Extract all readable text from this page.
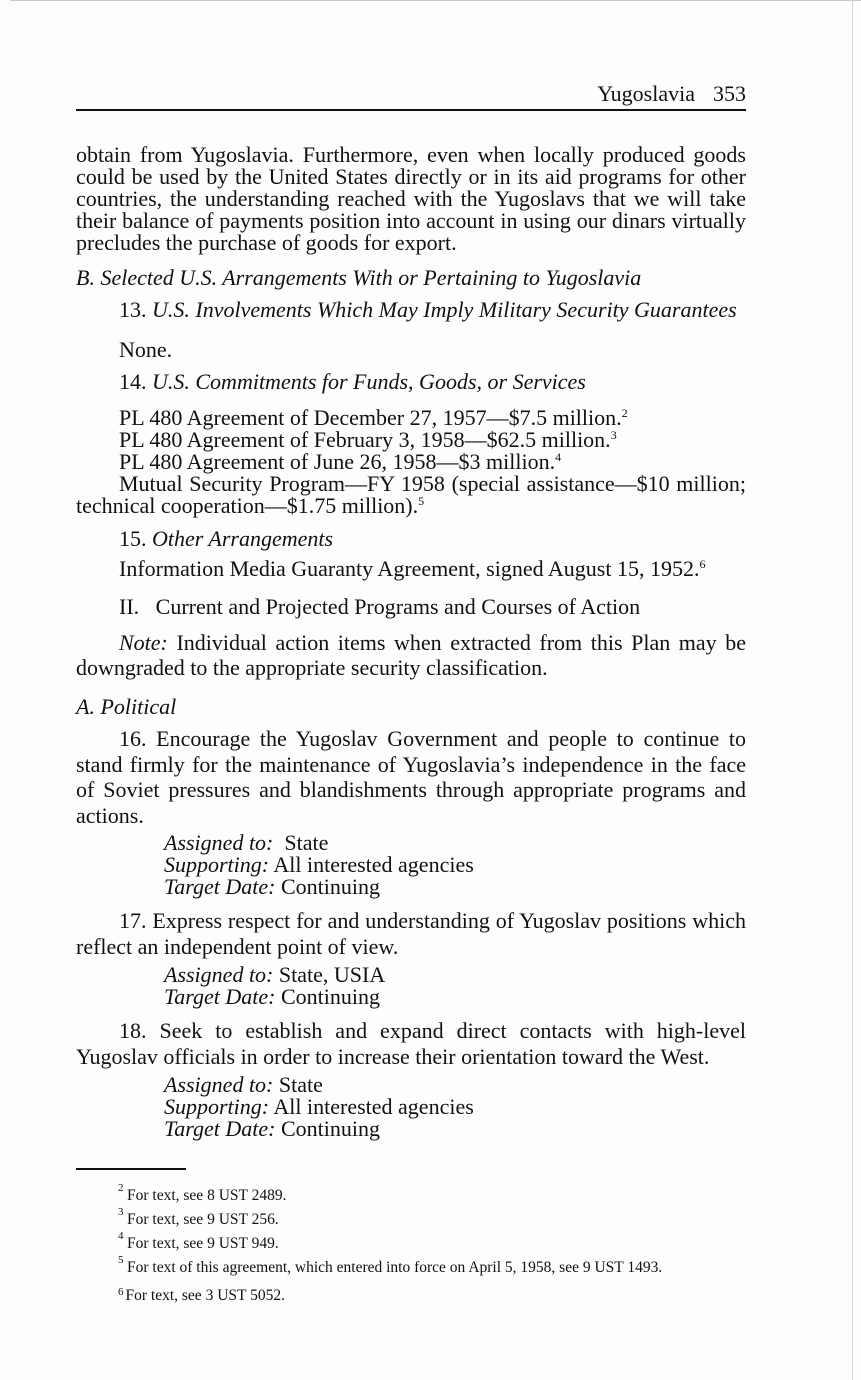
Yugoslavia 353

obtain from Yugoslavia. Furthermore, even when locally produced goods could be used by the United States directly or in its aid programs for other countries, the understanding reached with the Yugoslavs that we will take their balance of payments position into account in using our dinars virtually precludes the purchase of goods for export.

B. Selected U.S. Arrangements With or Pertaining to Yugoslavia

13. U.S. Involvements Which May Imply Military Security Guarantees

None.

14. U.S. Commitments for Funds, Goods, or Services

PL 480 Agreement of December 27, 1957—$7.5 million.$^2$

PL 480 Agreement of February 3, 1958—$62.5 million.$^3$

PL 480 Agreement of June 26, 1958—$3 million.$^4$

Mutual Security Program—FY 1958 (special assistance—$10 million; technical cooperation—$1.75 million).$^5$

15. Other Arrangements

Information Media Guaranty Agreement, signed August 15, 1952.$^6$

II.   Current and Projected Programs and Courses of Action

Note: Individual action items when extracted from this Plan may be downgraded to the appropriate security classification.

A. Political

16. Encourage the Yugoslav Government and people to continue to stand firmly for the maintenance of Yugoslavia’s independence in the face of Soviet pressures and blandishments through appropriate programs and actions.

Assigned to:  State

Supporting: All interested agencies

Target Date: Continuing

17. Express respect for and understanding of Yugoslav positions which reflect an independent point of view.

Assigned to: State, USIA

Target Date: Continuing

18. Seek to establish and expand direct contacts with high-level Yugoslav officials in order to increase their orientation toward the West.

Assigned to: State

Supporting: All interested agencies

Target Date: Continuing

2 For text, see 8 UST 2489.
3 For text, see 9 UST 256.
4 For text, see 9 UST 949.
5 For text of this agreement, which entered into force on April 5, 1958, see 9 UST 1493.
$^6$ For text, see 3 UST 5052.
